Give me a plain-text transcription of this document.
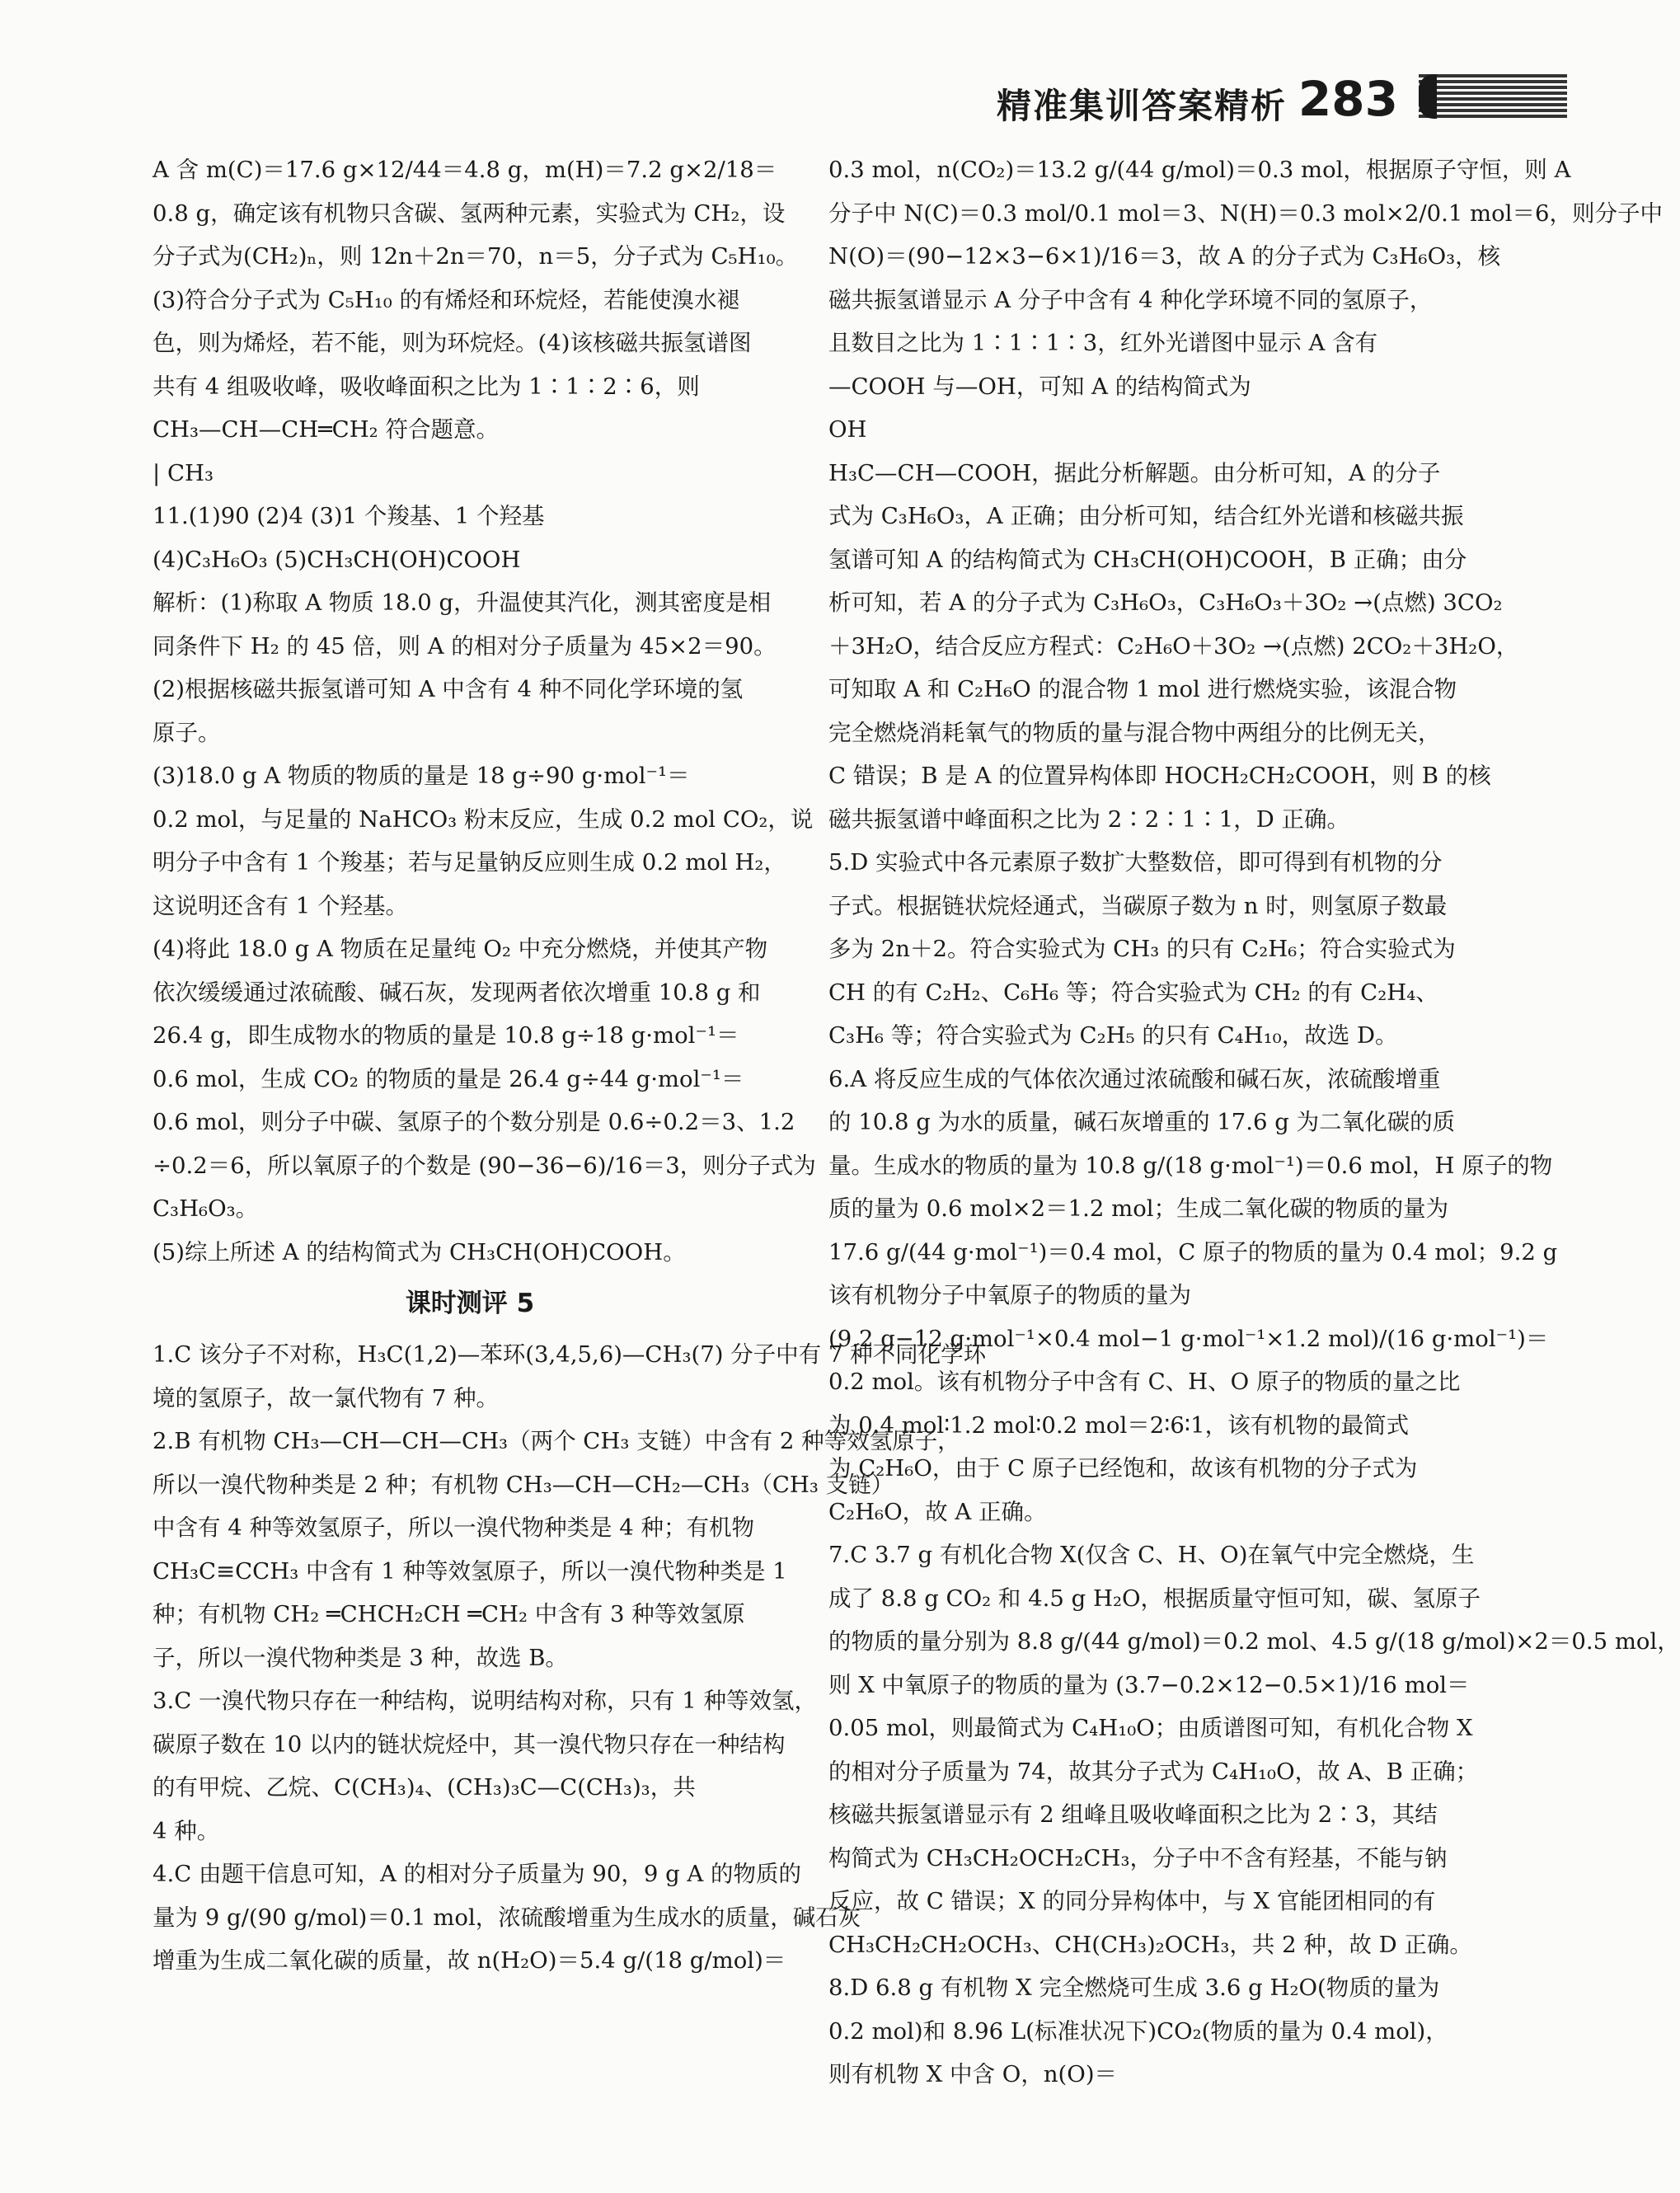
精准集训答案精析 283
A 含 m(C)＝17.6 g×12/44＝4.8 g，m(H)＝7.2 g×2/18＝
0.8 g，确定该有机物只含碳、氢两种元素，实验式为 CH₂，设
分子式为(CH₂)ₙ，则 12n＋2n＝70，n＝5，分子式为 C₅H₁₀。
(3)符合分子式为 C₅H₁₀ 的有烯烃和环烷烃，若能使溴水褪
色，则为烯烃，若不能，则为环烷烃。(4)该核磁共振氢谱图
共有 4 组吸收峰，吸收峰面积之比为 1∶1∶2∶6，则
CH₃—CH—CH═CH₂ 符合题意。
| CH₃
11.(1)90 (2)4 (3)1 个羧基、1 个羟基
(4)C₃H₆O₃ (5)CH₃CH(OH)COOH
解析：(1)称取 A 物质 18.0 g，升温使其汽化，测其密度是相
同条件下 H₂ 的 45 倍，则 A 的相对分子质量为 45×2＝90。
(2)根据核磁共振氢谱可知 A 中含有 4 种不同化学环境的氢
原子。
(3)18.0 g A 物质的物质的量是 18 g÷90 g·mol⁻¹＝
0.2 mol，与足量的 NaHCO₃ 粉末反应，生成 0.2 mol CO₂，说
明分子中含有 1 个羧基；若与足量钠反应则生成 0.2 mol H₂，
这说明还含有 1 个羟基。
(4)将此 18.0 g A 物质在足量纯 O₂ 中充分燃烧，并使其产物
依次缓缓通过浓硫酸、碱石灰，发现两者依次增重 10.8 g 和
26.4 g，即生成物水的物质的量是 10.8 g÷18 g·mol⁻¹＝
0.6 mol，生成 CO₂ 的物质的量是 26.4 g÷44 g·mol⁻¹＝
0.6 mol，则分子中碳、氢原子的个数分别是 0.6÷0.2＝3、1.2
÷0.2＝6，所以氧原子的个数是 (90−36−6)/16＝3，则分子式为
C₃H₆O₃。
(5)综上所述 A 的结构简式为 CH₃CH(OH)COOH。
课时测评 5
1.C 该分子不对称，H₃C(1,2)—苯环(3,4,5,6)—CH₃(7) 分子中有 7 种不同化学环
境的氢原子，故一氯代物有 7 种。
2.B 有机物 CH₃—CH—CH—CH₃（两个 CH₃ 支链）中含有 2 种等效氢原子，
所以一溴代物种类是 2 种；有机物 CH₃—CH—CH₂—CH₃（CH₃ 支链）
中含有 4 种等效氢原子，所以一溴代物种类是 4 种；有机物
CH₃C≡CCH₃ 中含有 1 种等效氢原子，所以一溴代物种类是 1
种；有机物 CH₂ ═CHCH₂CH ═CH₂ 中含有 3 种等效氢原
子，所以一溴代物种类是 3 种，故选 B。
3.C 一溴代物只存在一种结构，说明结构对称，只有 1 种等效氢，
碳原子数在 10 以内的链状烷烃中，其一溴代物只存在一种结构
的有甲烷、乙烷、C(CH₃)₄、(CH₃)₃C—C(CH₃)₃，共
4 种。
4.C 由题干信息可知，A 的相对分子质量为 90，9 g A 的物质的
量为 9 g/(90 g/mol)＝0.1 mol，浓硫酸增重为生成水的质量，碱石灰
增重为生成二氧化碳的质量，故 n(H₂O)＝5.4 g/(18 g/mol)＝
0.3 mol，n(CO₂)＝13.2 g/(44 g/mol)＝0.3 mol，根据原子守恒，则 A
分子中 N(C)＝0.3 mol/0.1 mol＝3、N(H)＝0.3 mol×2/0.1 mol＝6，则分子中
N(O)＝(90−12×3−6×1)/16＝3，故 A 的分子式为 C₃H₆O₃，核
磁共振氢谱显示 A 分子中含有 4 种化学环境不同的氢原子，
且数目之比为 1∶1∶1∶3，红外光谱图中显示 A 含有
—COOH 与—OH，可知 A 的结构简式为
OH
H₃C—CH—COOH，据此分析解题。由分析可知，A 的分子
式为 C₃H₆O₃，A 正确；由分析可知，结合红外光谱和核磁共振
氢谱可知 A 的结构简式为 CH₃CH(OH)COOH，B 正确；由分
析可知，若 A 的分子式为 C₃H₆O₃，C₃H₆O₃＋3O₂ →(点燃) 3CO₂
＋3H₂O，结合反应方程式：C₂H₆O＋3O₂ →(点燃) 2CO₂＋3H₂O，
可知取 A 和 C₂H₆O 的混合物 1 mol 进行燃烧实验，该混合物
完全燃烧消耗氧气的物质的量与混合物中两组分的比例无关，
C 错误；B 是 A 的位置异构体即 HOCH₂CH₂COOH，则 B 的核
磁共振氢谱中峰面积之比为 2∶2∶1∶1，D 正确。
5.D 实验式中各元素原子数扩大整数倍，即可得到有机物的分
子式。根据链状烷烃通式，当碳原子数为 n 时，则氢原子数最
多为 2n＋2。符合实验式为 CH₃ 的只有 C₂H₆；符合实验式为
CH 的有 C₂H₂、C₆H₆ 等；符合实验式为 CH₂ 的有 C₂H₄、
C₃H₆ 等；符合实验式为 C₂H₅ 的只有 C₄H₁₀，故选 D。
6.A 将反应生成的气体依次通过浓硫酸和碱石灰，浓硫酸增重
的 10.8 g 为水的质量，碱石灰增重的 17.6 g 为二氧化碳的质
量。生成水的物质的量为 10.8 g/(18 g·mol⁻¹)＝0.6 mol，H 原子的物
质的量为 0.6 mol×2＝1.2 mol；生成二氧化碳的物质的量为
17.6 g/(44 g·mol⁻¹)＝0.4 mol，C 原子的物质的量为 0.4 mol；9.2 g
该有机物分子中氧原子的物质的量为
(9.2 g−12 g·mol⁻¹×0.4 mol−1 g·mol⁻¹×1.2 mol)/(16 g·mol⁻¹)＝
0.2 mol。该有机物分子中含有 C、H、O 原子的物质的量之比
为 0.4 mol∶1.2 mol∶0.2 mol＝2∶6∶1，该有机物的最简式
为 C₂H₆O，由于 C 原子已经饱和，故该有机物的分子式为
C₂H₆O，故 A 正确。
7.C 3.7 g 有机化合物 X(仅含 C、H、O)在氧气中完全燃烧，生
成了 8.8 g CO₂ 和 4.5 g H₂O，根据质量守恒可知，碳、氢原子
的物质的量分别为 8.8 g/(44 g/mol)＝0.2 mol、4.5 g/(18 g/mol)×2＝0.5 mol，
则 X 中氧原子的物质的量为 (3.7−0.2×12−0.5×1)/16 mol＝
0.05 mol，则最简式为 C₄H₁₀O；由质谱图可知，有机化合物 X
的相对分子质量为 74，故其分子式为 C₄H₁₀O，故 A、B 正确；
核磁共振氢谱显示有 2 组峰且吸收峰面积之比为 2∶3，其结
构简式为 CH₃CH₂OCH₂CH₃，分子中不含有羟基，不能与钠
反应，故 C 错误；X 的同分异构体中，与 X 官能团相同的有
CH₃CH₂CH₂OCH₃、CH(CH₃)₂OCH₃，共 2 种，故 D 正确。
8.D 6.8 g 有机物 X 完全燃烧可生成 3.6 g H₂O(物质的量为
0.2 mol)和 8.96 L(标准状况下)CO₂(物质的量为 0.4 mol)，
则有机物 X 中含 O，n(O)＝
